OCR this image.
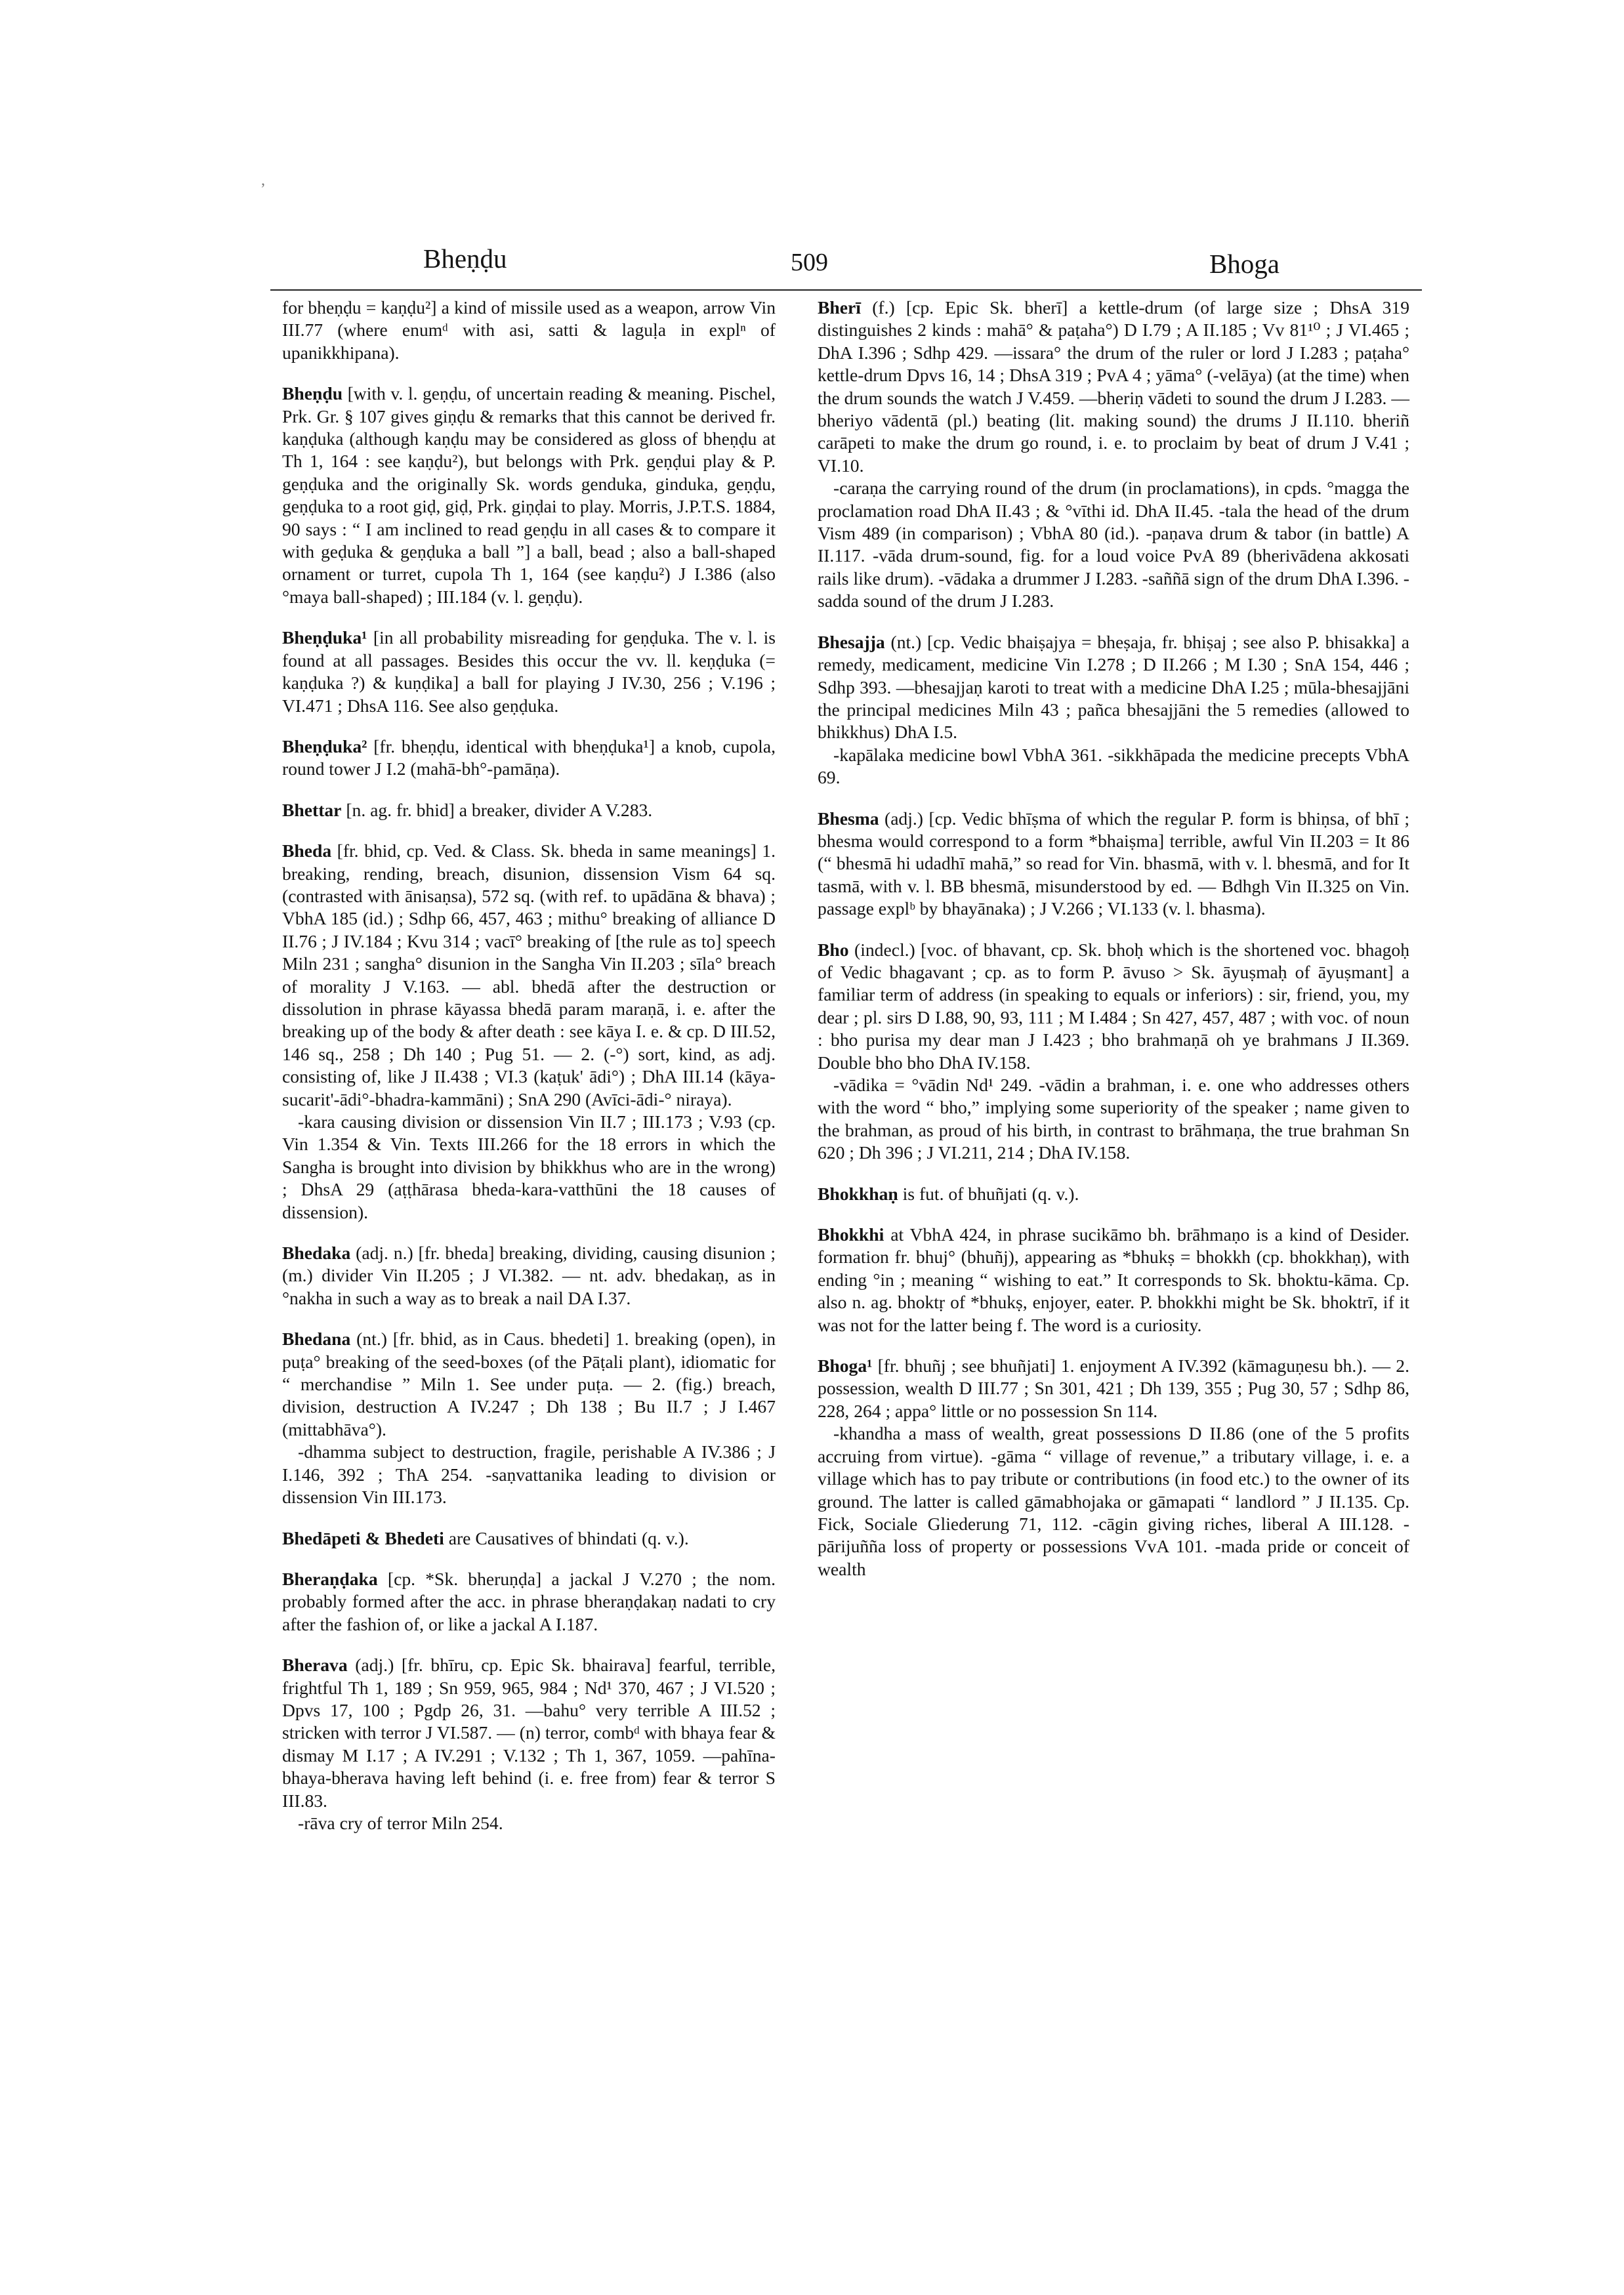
,
Bheṇḍu	509	Bhoga

for bheṇḍu = kaṇḍu²] a kind of missile used as a weapon, arrow Vin III.77 (where enumᵈ with asi, satti & laguḷa in explⁿ of upanikkhipana).

Bheṇḍu [with v. l. geṇḍu, of uncertain reading & meaning. Pischel, Prk. Gr. § 107 gives giṇḍu & remarks that this cannot be derived fr. kaṇḍuka (although kaṇḍu may be considered as gloss of bheṇḍu at Th 1, 164 : see kaṇḍu²), but belongs with Prk. geṇḍui play & P. geṇḍuka and the originally Sk. words genduka, ginduka, geṇḍu, geṇḍuka to a root giḍ, giḍ, Prk. giṇḍai to play. Morris, J.P.T.S. 1884, 90 says : “ I am inclined to read geṇḍu in all cases & to compare it with geḍuka & geṇḍuka a ball ”] a ball, bead ; also a ball-shaped ornament or turret, cupola Th 1, 164 (see kaṇḍu²) J I.386 (also °maya ball-shaped) ; III.184 (v. l. geṇḍu).

Bheṇḍuka¹ [in all probability misreading for geṇḍuka. The v. l. is found at all passages. Besides this occur the vv. ll. keṇḍuka (= kaṇḍuka ?) & kuṇḍika] a ball for playing J IV.30, 256 ; V.196 ; VI.471 ; DhsA 116. See also geṇḍuka.

Bheṇḍuka² [fr. bheṇḍu, identical with bheṇḍuka¹] a knob, cupola, round tower J I.2 (mahā-bh°-pamāṇa).

Bhettar [n. ag. fr. bhid] a breaker, divider A V.283.

Bheda [fr. bhid, cp. Ved. & Class. Sk. bheda in same meanings] 1. breaking, rending, breach, disunion, dissension Vism 64 sq. (contrasted with ānisaṇsa), 572 sq. (with ref. to upādāna & bhava) ; VbhA 185 (id.) ; Sdhp 66, 457, 463 ; mithu° breaking of alliance D II.76 ; J IV.184 ; Kvu 314 ; vacī° breaking of [the rule as to] speech Miln 231 ; sangha° disunion in the Sangha Vin II.203 ; sīla° breach of morality J V.163. — abl. bhedā after the destruction or dissolution in phrase kāyassa bhedā param maraṇā, i. e. after the breaking up of the body & after death : see kāya I. e. & cp. D III.52, 146 sq., 258 ; Dh 140 ; Pug 51. — 2. (-°) sort, kind, as adj. consisting of, like J II.438 ; VI.3 (kaṭuk' ādi°) ; DhA III.14 (kāya-sucarit'-ādi°-bhadra-kammāni) ; SnA 290 (Avīci-ādi-° niraya).

-kara causing division or dissension Vin II.7 ; III.173 ; V.93 (cp. Vin 1.354 & Vin. Texts III.266 for the 18 errors in which the Sangha is brought into division by bhikkhus who are in the wrong) ; DhsA 29 (aṭṭhārasa bheda-kara-vatthūni the 18 causes of dissension).

Bhedaka (adj. n.) [fr. bheda] breaking, dividing, causing disunion ; (m.) divider Vin II.205 ; J VI.382. — nt. adv. bhedakaṇ, as in °nakha in such a way as to break a nail DA I.37.

Bhedana (nt.) [fr. bhid, as in Caus. bhedeti] 1. breaking (open), in puṭa° breaking of the seed-boxes (of the Pāṭali plant), idiomatic for “ merchandise ” Miln 1. See under puṭa. — 2. (fig.) breach, division, destruction A IV.247 ; Dh 138 ; Bu II.7 ; J I.467 (mittabhāva°).

-dhamma subject to destruction, fragile, perishable A IV.386 ; J I.146, 392 ; ThA 254. -saṇvattanika leading to division or dissension Vin III.173.

Bhedāpeti & Bhedeti are Causatives of bhindati (q. v.).

Bheraṇḍaka [cp. *Sk. bheruṇḍa] a jackal J V.270 ; the nom. probably formed after the acc. in phrase bheraṇḍakaṇ nadati to cry after the fashion of, or like a jackal A I.187.

Bherava (adj.) [fr. bhīru, cp. Epic Sk. bhairava] fearful, terrible, frightful Th 1, 189 ; Sn 959, 965, 984 ; Nd¹ 370, 467 ; J VI.520 ; Dpvs 17, 100 ; Pgdp 26, 31. —bahu° very terrible A III.52 ; stricken with terror J VI.587. — (n) terror, combᵈ with bhaya fear & dismay M I.17 ; A IV.291 ; V.132 ; Th 1, 367, 1059. —pahīna-bhaya-bherava having left behind (i. e. free from) fear & terror S III.83.

-rāva cry of terror Miln 254.

Bherī (f.) [cp. Epic Sk. bherī] a kettle-drum (of large size ; DhsA 319 distinguishes 2 kinds : mahā° & paṭaha°) D I.79 ; A II.185 ; Vv 81¹⁰ ; J VI.465 ; DhA I.396 ; Sdhp 429. —issara° the drum of the ruler or lord J I.283 ; paṭaha° kettle-drum Dpvs 16, 14 ; DhsA 319 ; PvA 4 ; yāma° (-velāya) (at the time) when the drum sounds the watch J V.459. —bheriṇ vādeti to sound the drum J I.283. —bheriyo vādentā (pl.) beating (lit. making sound) the drums J II.110. bheriñ carāpeti to make the drum go round, i. e. to proclaim by beat of drum J V.41 ; VI.10.

-caraṇa the carrying round of the drum (in proclamations), in cpds. °magga the proclamation road DhA II.43 ; & °vīthi id. DhA II.45. -tala the head of the drum Vism 489 (in comparison) ; VbhA 80 (id.). -paṇava drum & tabor (in battle) A II.117. -vāda drum-sound, fig. for a loud voice PvA 89 (bherivādena akkosati rails like drum). -vādaka a drummer J I.283. -saññā sign of the drum DhA I.396. -sadda sound of the drum J I.283.

Bhesajja (nt.) [cp. Vedic bhaiṣajya = bheṣaja, fr. bhiṣaj ; see also P. bhisakka] a remedy, medicament, medicine Vin I.278 ; D II.266 ; M I.30 ; SnA 154, 446 ; Sdhp 393. —bhesajjaṇ karoti to treat with a medicine DhA I.25 ; mūla-bhesajjāni the principal medicines Miln 43 ; pañca bhesajjāni the 5 remedies (allowed to bhikkhus) DhA I.5.

-kapālaka medicine bowl VbhA 361. -sikkhāpada the medicine precepts VbhA 69.

Bhesma (adj.) [cp. Vedic bhīṣma of which the regular P. form is bhiṇsa, of bhī ; bhesma would correspond to a form *bhaiṣma] terrible, awful Vin II.203 = It 86 (“ bhesmā hi udadhī mahā,” so read for Vin. bhasmā, with v. l. bhesmā, and for It tasmā, with v. l. BB bhesmā, misunderstood by ed. — Bdhgh Vin II.325 on Vin. passage explᵇ by bhayānaka) ; J V.266 ; VI.133 (v. l. bhasma).

Bho (indecl.) [voc. of bhavant, cp. Sk. bhoḥ which is the shortened voc. bhagoḥ of Vedic bhagavant ; cp. as to form P. āvuso > Sk. āyuṣmaḥ of āyuṣmant] a familiar term of address (in speaking to equals or inferiors) : sir, friend, you, my dear ; pl. sirs D I.88, 90, 93, 111 ; M I.484 ; Sn 427, 457, 487 ; with voc. of noun : bho purisa my dear man J I.423 ; bho brahmaṇā oh ye brahmans J II.369. Double bho bho DhA IV.158.

-vādika = °vādin Nd¹ 249. -vādin a brahman, i. e. one who addresses others with the word “ bho,” implying some superiority of the speaker ; name given to the brahman, as proud of his birth, in contrast to brāhmaṇa, the true brahman Sn 620 ; Dh 396 ; J VI.211, 214 ; DhA IV.158.

Bhokkhaṇ is fut. of bhuñjati (q. v.).

Bhokkhi at VbhA 424, in phrase sucikāmo bh. brāhmaṇo is a kind of Desider. formation fr. bhuj° (bhuñj), appearing as *bhukṣ = bhokkh (cp. bhokkhaṇ), with ending °in ; meaning “ wishing to eat.” It corresponds to Sk. bhoktu-kāma. Cp. also n. ag. bhoktṛ of *bhukṣ, enjoyer, eater. P. bhokkhi might be Sk. bhoktrī, if it was not for the latter being f. The word is a curiosity.

Bhoga¹ [fr. bhuñj ; see bhuñjati] 1. enjoyment A IV.392 (kāmaguṇesu bh.). — 2. possession, wealth D III.77 ; Sn 301, 421 ; Dh 139, 355 ; Pug 30, 57 ; Sdhp 86, 228, 264 ; appa° little or no possession Sn 114.

-khandha a mass of wealth, great possessions D II.86 (one of the 5 profits accruing from virtue). -gāma “ village of revenue,” a tributary village, i. e. a village which has to pay tribute or contributions (in food etc.) to the owner of its ground. The latter is called gāmabhojaka or gāmapati “ landlord ” J II.135. Cp. Fick, Sociale Gliederung 71, 112. -cāgin giving riches, liberal A III.128. -pārijuñña loss of property or possessions VvA 101. -mada pride or conceit of wealth
